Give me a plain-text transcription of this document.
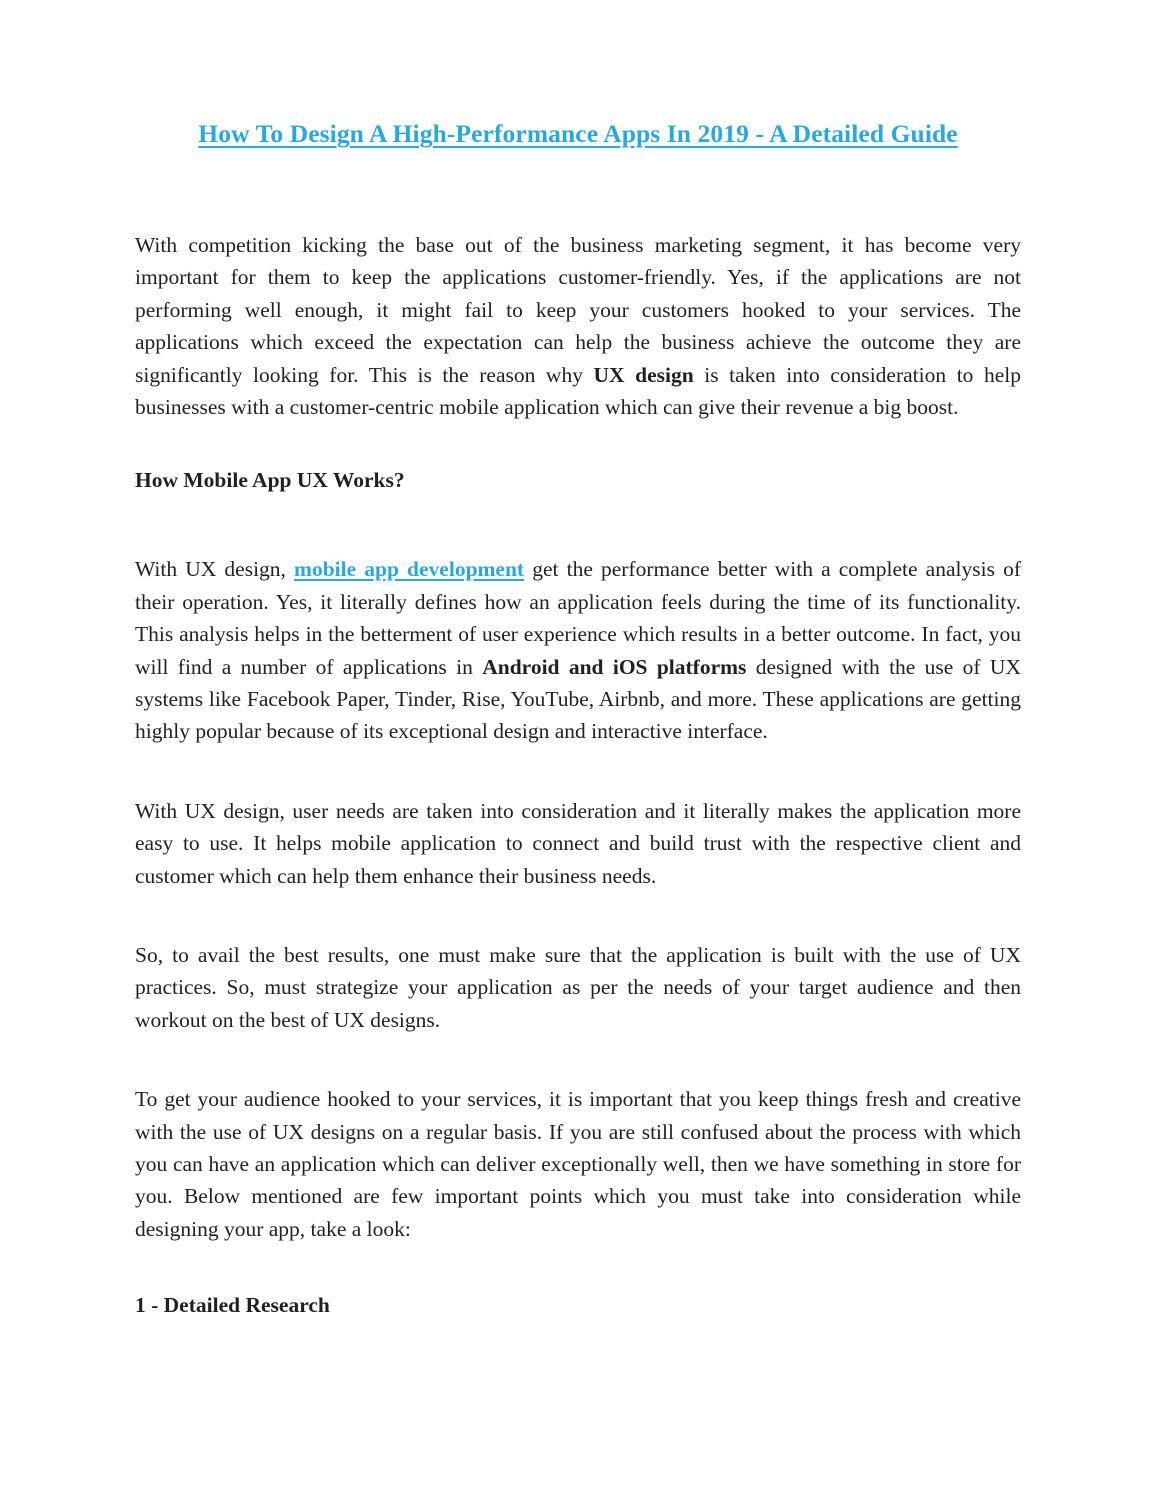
How To Design A High-Performance Apps In 2019 - A Detailed Guide

With competition kicking the base out of the business marketing segment, it has become very important for them to keep the applications customer-friendly. Yes, if the applications are not performing well enough, it might fail to keep your customers hooked to your services. The applications which exceed the expectation can help the business achieve the outcome they are significantly looking for. This is the reason why UX design is taken into consideration to help businesses with a customer-centric mobile application which can give their revenue a big boost.

How Mobile App UX Works?

With UX design, mobile app development get the performance better with a complete analysis of their operation. Yes, it literally defines how an application feels during the time of its functionality. This analysis helps in the betterment of user experience which results in a better outcome. In fact, you will find a number of applications in Android and iOS platforms designed with the use of UX systems like Facebook Paper, Tinder, Rise, YouTube, Airbnb, and more. These applications are getting highly popular because of its exceptional design and interactive interface.

With UX design, user needs are taken into consideration and it literally makes the application more easy to use. It helps mobile application to connect and build trust with the respective client and customer which can help them enhance their business needs.

So, to avail the best results, one must make sure that the application is built with the use of UX practices. So, must strategize your application as per the needs of your target audience and then workout on the best of UX designs.

To get your audience hooked to your services, it is important that you keep things fresh and creative with the use of UX designs on a regular basis. If you are still confused about the process with which you can have an application which can deliver exceptionally well, then we have something in store for you. Below mentioned are few important points which you must take into consideration while designing your app, take a look:

1 - Detailed Research
